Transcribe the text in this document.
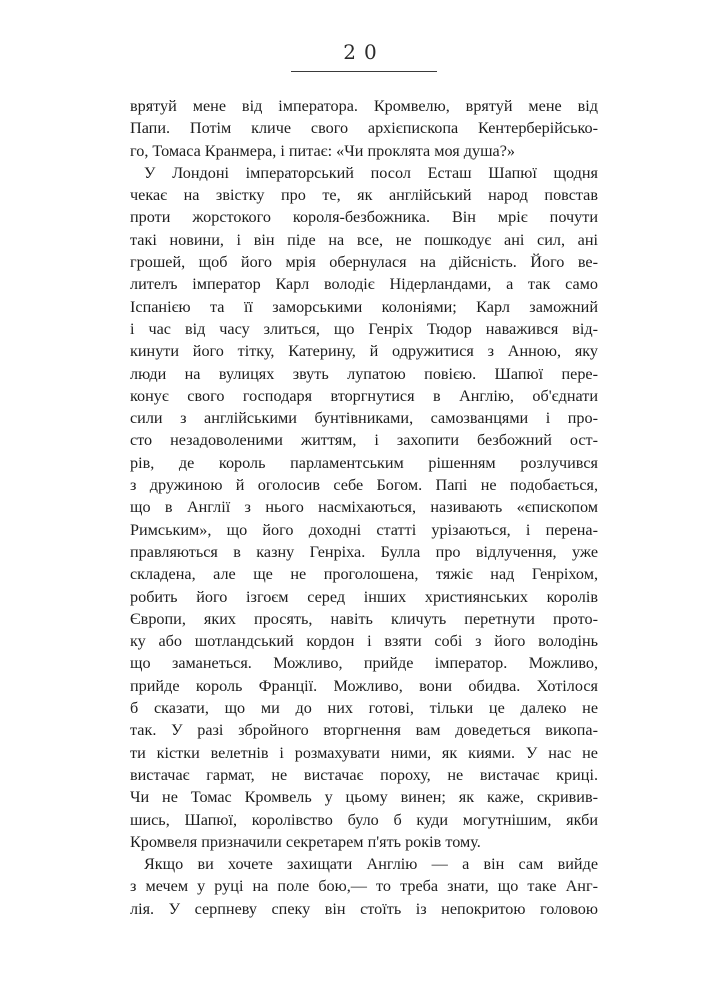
20
врятуй мене від імператора. Кромвелю, врятуй мене від
Папи. Потім кличе свого архієпископа Кентерберійсько-
го, Томаса Кранмера, і питає: «Чи проклята моя душа?»
У Лондоні імператорський посол Есташ Шапюї щодня
чекає на звістку про те, як англійський народ повстав
проти жорстокого короля-безбожника. Він мріє почути
такі новини, і він піде на все, не пошкодує ані сил, ані
грошей, щоб його мрія обернулася на дійсність. Його ве-
лителъ імператор Карл володіє Нідерландами, а так само
Іспанією та її заморськими колоніями; Карл заможний
і час від часу злиться, що Генріх Тюдор наважився від-
кинути його тітку, Катерину, й одружитися з Анною, яку
люди на вулицях звуть лупатою повією. Шапюї пере-
конує свого господаря вторгнутися в Англію, об'єднати
сили з англійськими бунтівниками, самозванцями і про-
сто незадоволеними життям, і захопити безбожний ост-
рів, де король парламентським рішенням розлучився
з дружиною й оголосив себе Богом. Папі не подобається,
що в Англії з нього насміхаються, називають «єпископом
Римським», що його доходні статті урізаються, і перена-
правляються в казну Генріха. Булла про відлучення, уже
складена, але ще не проголошена, тяжіє над Генріхом,
робить його ізгоєм серед інших християнських королів
Європи, яких просять, навіть кличуть перетнути прото-
ку або шотландський кордон і взяти собі з його володінь
що заманеться. Можливо, прийде імператор. Можливо,
прийде король Франції. Можливо, вони обидва. Хотілося
б сказати, що ми до них готові, тільки це далеко не
так. У разі збройного вторгнення вам доведеться викопа-
ти кістки велетнів і розмахувати ними, як киями. У нас не
вистачає гармат, не вистачає пороху, не вистачає криці.
Чи не Томас Кромвель у цьому винен; як каже, скривив-
шись, Шапюї, королівство було б куди могутнішим, якби
Кромвеля призначили секретарем п'ять років тому.
Якщо ви хочете захищати Англію — а він сам вийде
з мечем у руці на поле бою,— то треба знати, що таке Анг-
лія. У серпневу спеку він стоїть із непокритою головою
